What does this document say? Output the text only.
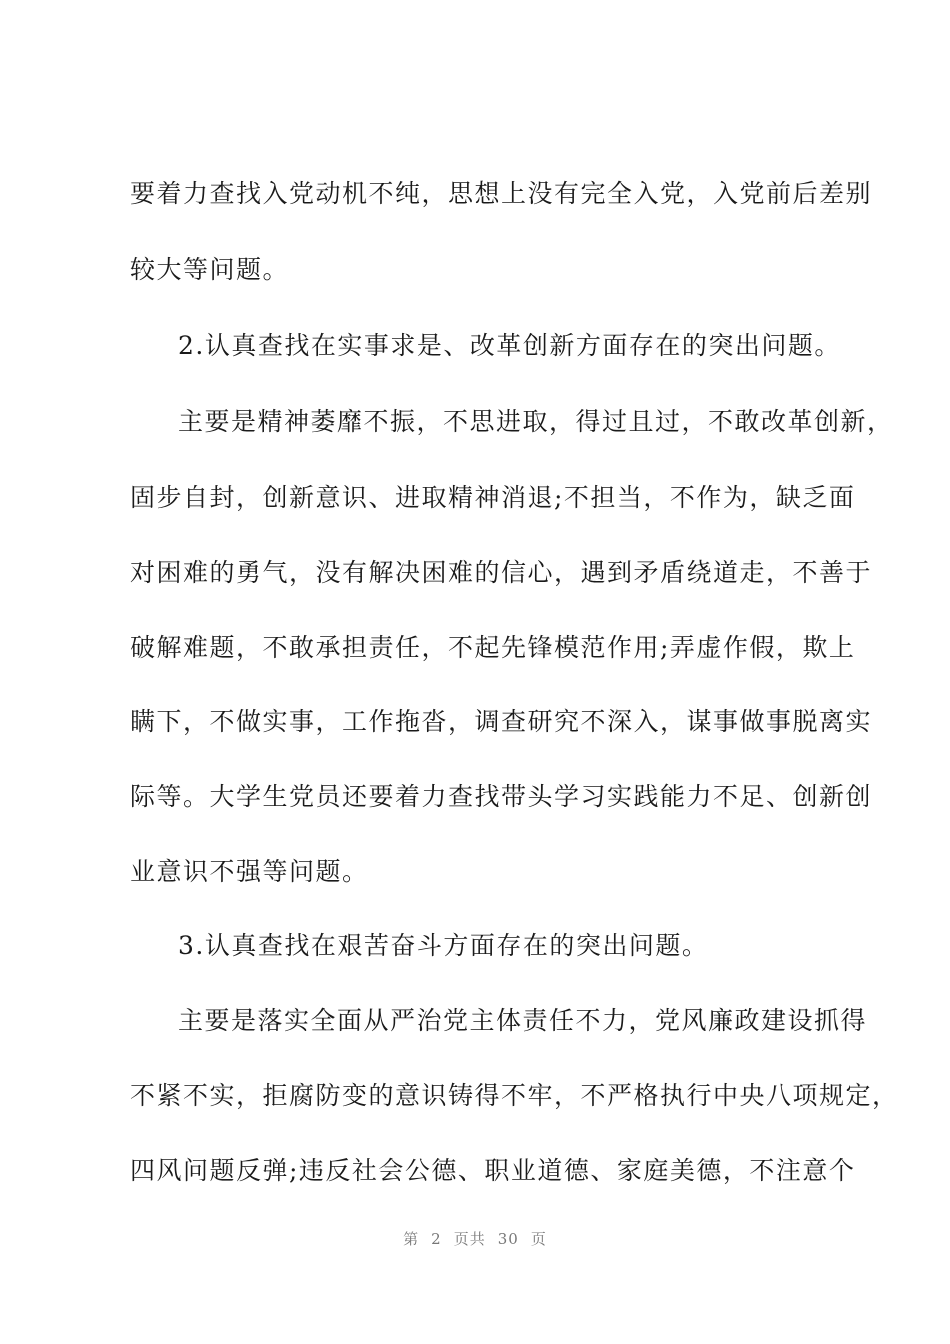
要着力查找入党动机不纯，思想上没有完全入党，入党前后差别
较大等问题。
2.认真查找在实事求是、改革创新方面存在的突出问题。
主要是精神萎靡不振，不思进取，得过且过，不敢改革创新，
固步自封，创新意识、进取精神消退;不担当，不作为，缺乏面
对困难的勇气，没有解决困难的信心，遇到矛盾绕道走，不善于
破解难题，不敢承担责任，不起先锋模范作用;弄虚作假，欺上
瞒下，不做实事，工作拖沓，调查研究不深入，谋事做事脱离实
际等。大学生党员还要着力查找带头学习实践能力不足、创新创
业意识不强等问题。
3.认真查找在艰苦奋斗方面存在的突出问题。
主要是落实全面从严治党主体责任不力，党风廉政建设抓得
不紧不实，拒腐防变的意识铸得不牢，不严格执行中央八项规定，
四风问题反弹;违反社会公德、职业道德、家庭美德，不注意个
第 2 页共 30 页
